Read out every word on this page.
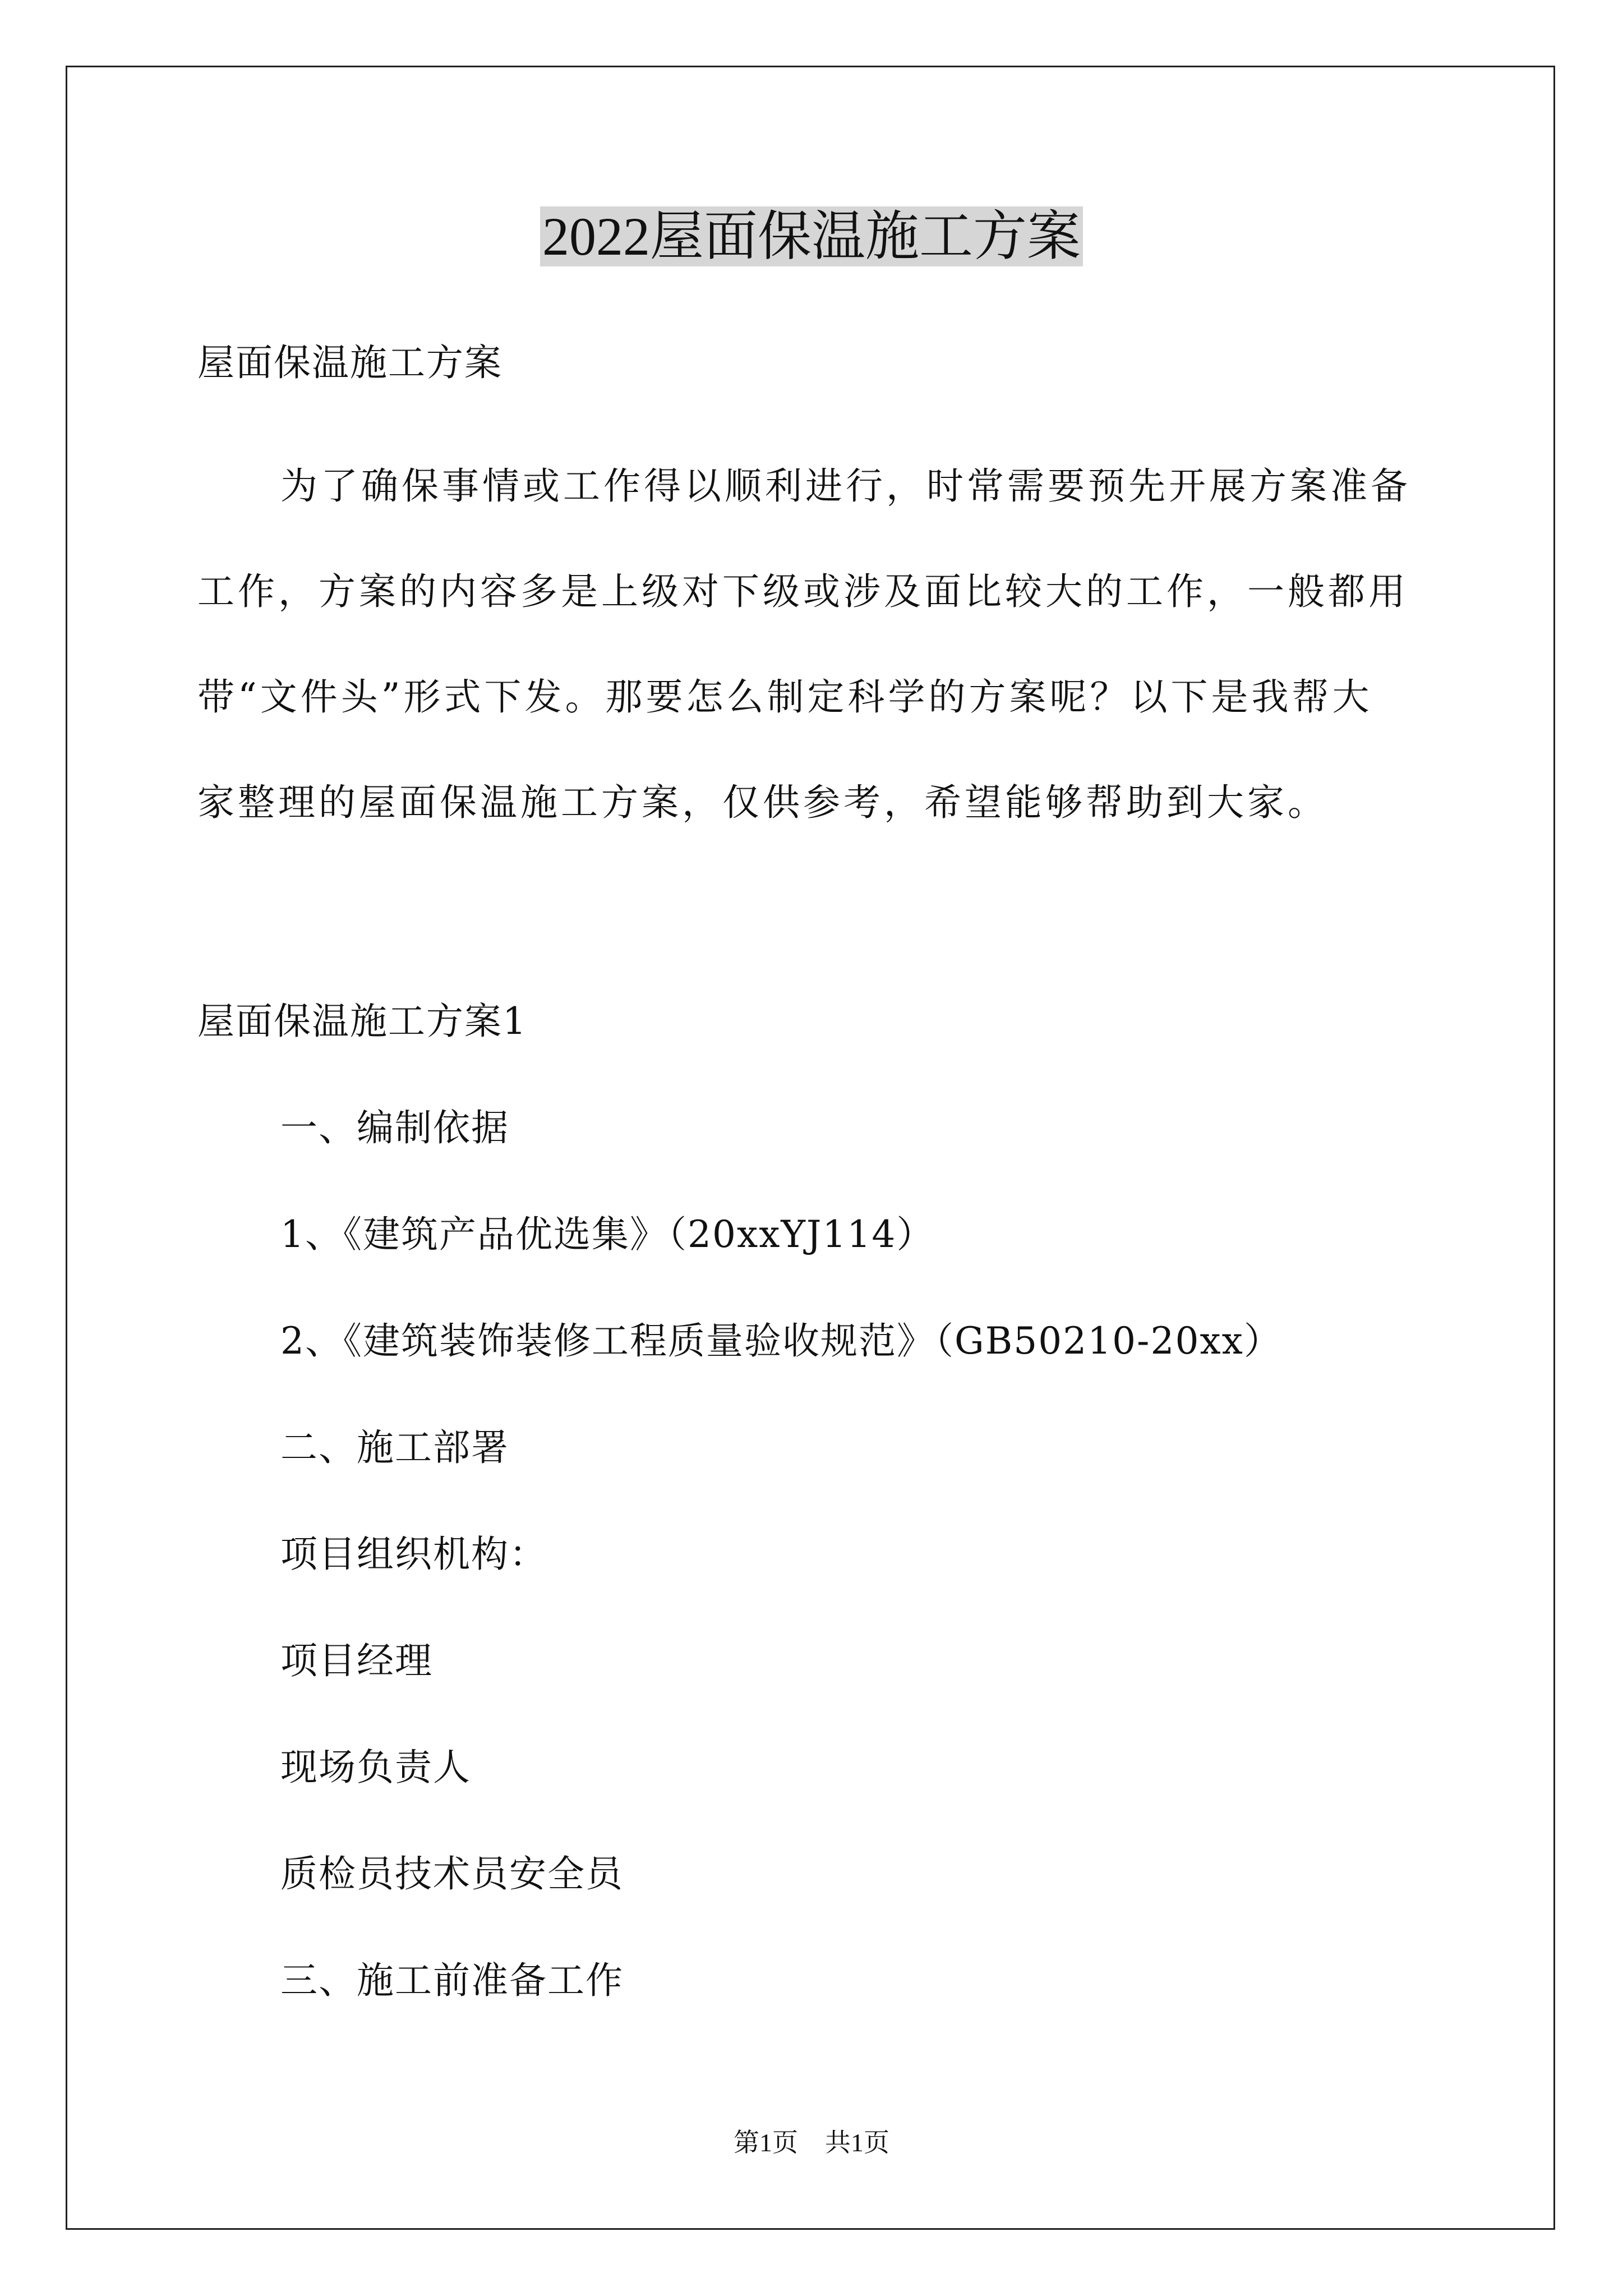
2022屋面保温施工方案
屋面保温施工方案
为了确保事情或工作得以顺利进行，时常需要预先开展方案准备
工作，方案的内容多是上级对下级或涉及面比较大的工作，一般都用
带“文件头”形式下发。那要怎么制定科学的方案呢？以下是我帮大
家整理的屋面保温施工方案，仅供参考，希望能够帮助到大家。
屋面保温施工方案1
一、编制依据
1、《建筑产品优选集》（20xxYJ114）
2、《建筑装饰装修工程质量验收规范》（GB50210-20xx）
二、施工部署
项目组织机构：
项目经理
现场负责人
质检员技术员安全员
三、施工前准备工作
第1页 共1页
